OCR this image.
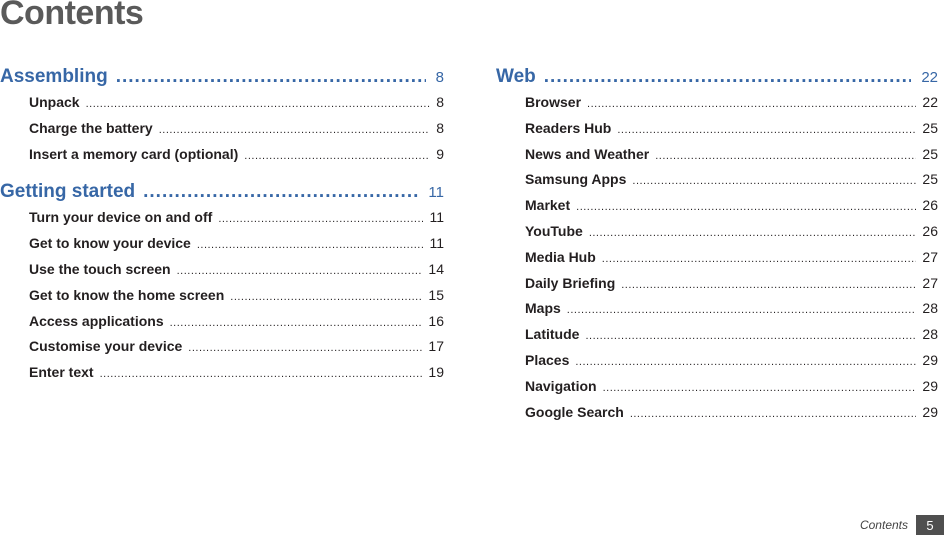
Contents
Assembling .....	8
Unpack .....	8
Charge the battery .....	8
Insert a memory card (optional) .....	9
Getting started .....	11
Turn your device on and off .....	11
Get to know your device .....	11
Use the touch screen .....	14
Get to know the home screen .....	15
Access applications .....	16
Customise your device .....	17
Enter text .....	19
Web .....	22
Browser .....	22
Readers Hub .....	25
News and Weather .....	25
Samsung Apps .....	25
Market .....	26
YouTube .....	26
Media Hub .....	27
Daily Briefing .....	27
Maps .....	28
Latitude .....	28
Places .....	29
Navigation .....	29
Google Search .....	29
Contents	5
